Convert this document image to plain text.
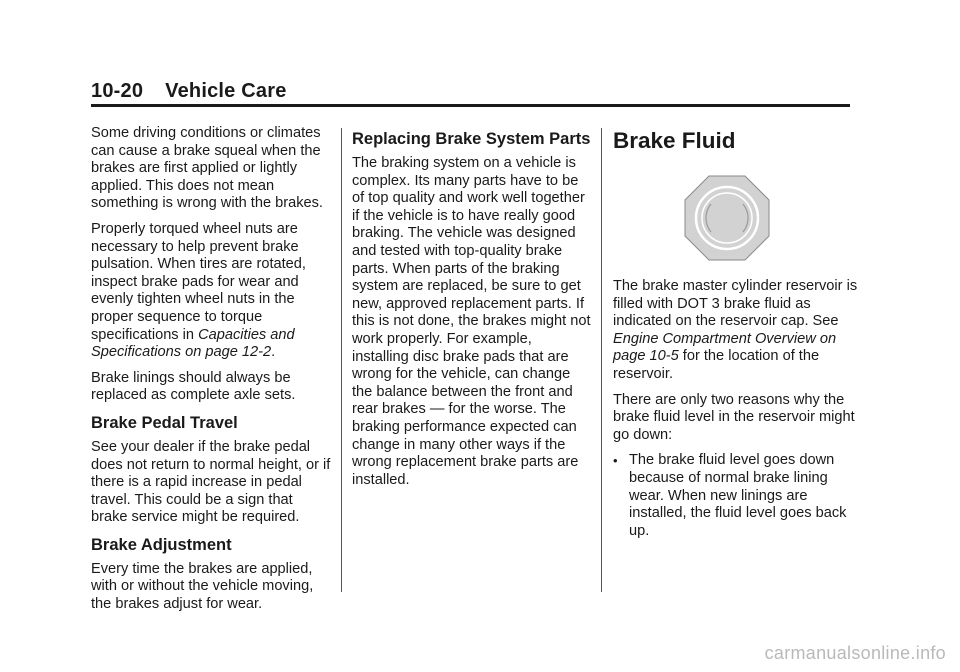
10-20 Vehicle Care

Some driving conditions or climates can cause a brake squeal when the brakes are first applied or lightly applied. This does not mean something is wrong with the brakes.

Properly torqued wheel nuts are necessary to help prevent brake pulsation. When tires are rotated, inspect brake pads for wear and evenly tighten wheel nuts in the proper sequence to torque specifications in Capacities and Specifications on page 12-2.

Brake linings should always be replaced as complete axle sets.

Brake Pedal Travel

See your dealer if the brake pedal does not return to normal height, or if there is a rapid increase in pedal travel. This could be a sign that brake service might be required.

Brake Adjustment

Every time the brakes are applied, with or without the vehicle moving, the brakes adjust for wear.

Replacing Brake System Parts

The braking system on a vehicle is complex. Its many parts have to be of top quality and work well together if the vehicle is to have really good braking. The vehicle was designed and tested with top-quality brake parts. When parts of the braking system are replaced, be sure to get new, approved replacement parts. If this is not done, the brakes might not work properly. For example, installing disc brake pads that are wrong for the vehicle, can change the balance between the front and rear brakes — for the worse. The braking performance expected can change in many other ways if the wrong replacement brake parts are installed.

Brake Fluid

The brake master cylinder reservoir is filled with DOT 3 brake fluid as indicated on the reservoir cap. See Engine Compartment Overview on page 10-5 for the location of the reservoir.

There are only two reasons why the brake fluid level in the reservoir might go down:

• The brake fluid level goes down because of normal brake lining wear. When new linings are installed, the fluid level goes back up.
carmanualsonline.info
